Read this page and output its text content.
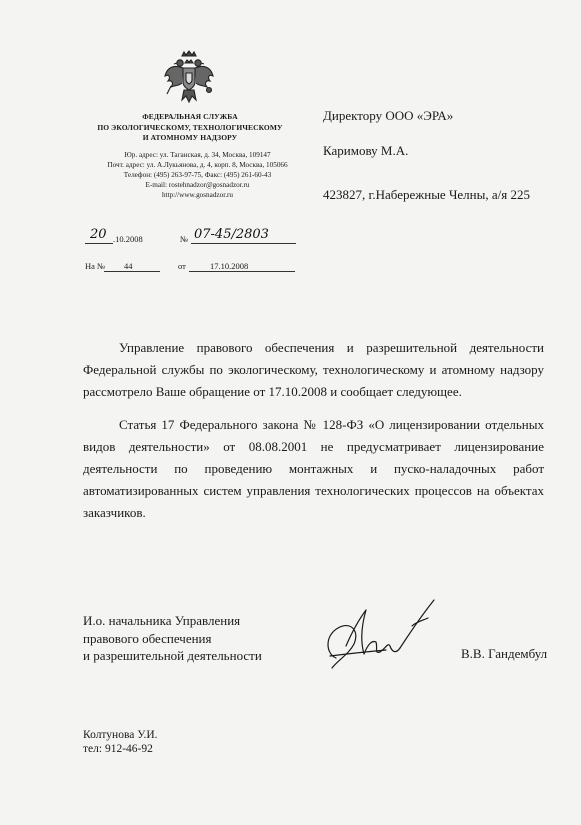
ФЕДЕРАЛЬНАЯ СЛУЖБА
ПО ЭКОЛОГИЧЕСКОМУ, ТЕХНОЛОГИЧЕСКОМУ
И АТОМНОМУ НАДЗОРУ
Юр. адрес: ул. Таганская, д. 34, Москва, 109147
Почт. адрес: ул. А.Лукьянова, д. 4, корп. 8, Москва, 105066
Телефон: (495) 263-97-75, Факс: (495) 261-60-43
E-mail: rostehnadzor@gosnadzor.ru
http://www.gosnadzor.ru
Директору ООО «ЭРА»
Каримову М.А.
423827, г.Набережные Челны, а/я 225
20 .10.2008	№ 07-45/2803
На № 44	от	17.10.2008

Управление правового обеспечения и разрешительной деятельности Федеральной службы по экологическому, технологическому и атомному надзору рассмотрело Ваше обращение от 17.10.2008 и сообщает следующее.

Статья 17 Федерального закона № 128-ФЗ «О лицензировании отдельных видов деятельности» от 08.08.2001 не предусматривает лицензирование деятельности по проведению монтажных и пуско-наладочных работ автоматизированных систем управления технологических процессов на объектах заказчиков.

И.о. начальника Управления
правового обеспечения
и разрешительной деятельности	В.В. Гандембул
Колтунова У.И.
тел: 912-46-92
